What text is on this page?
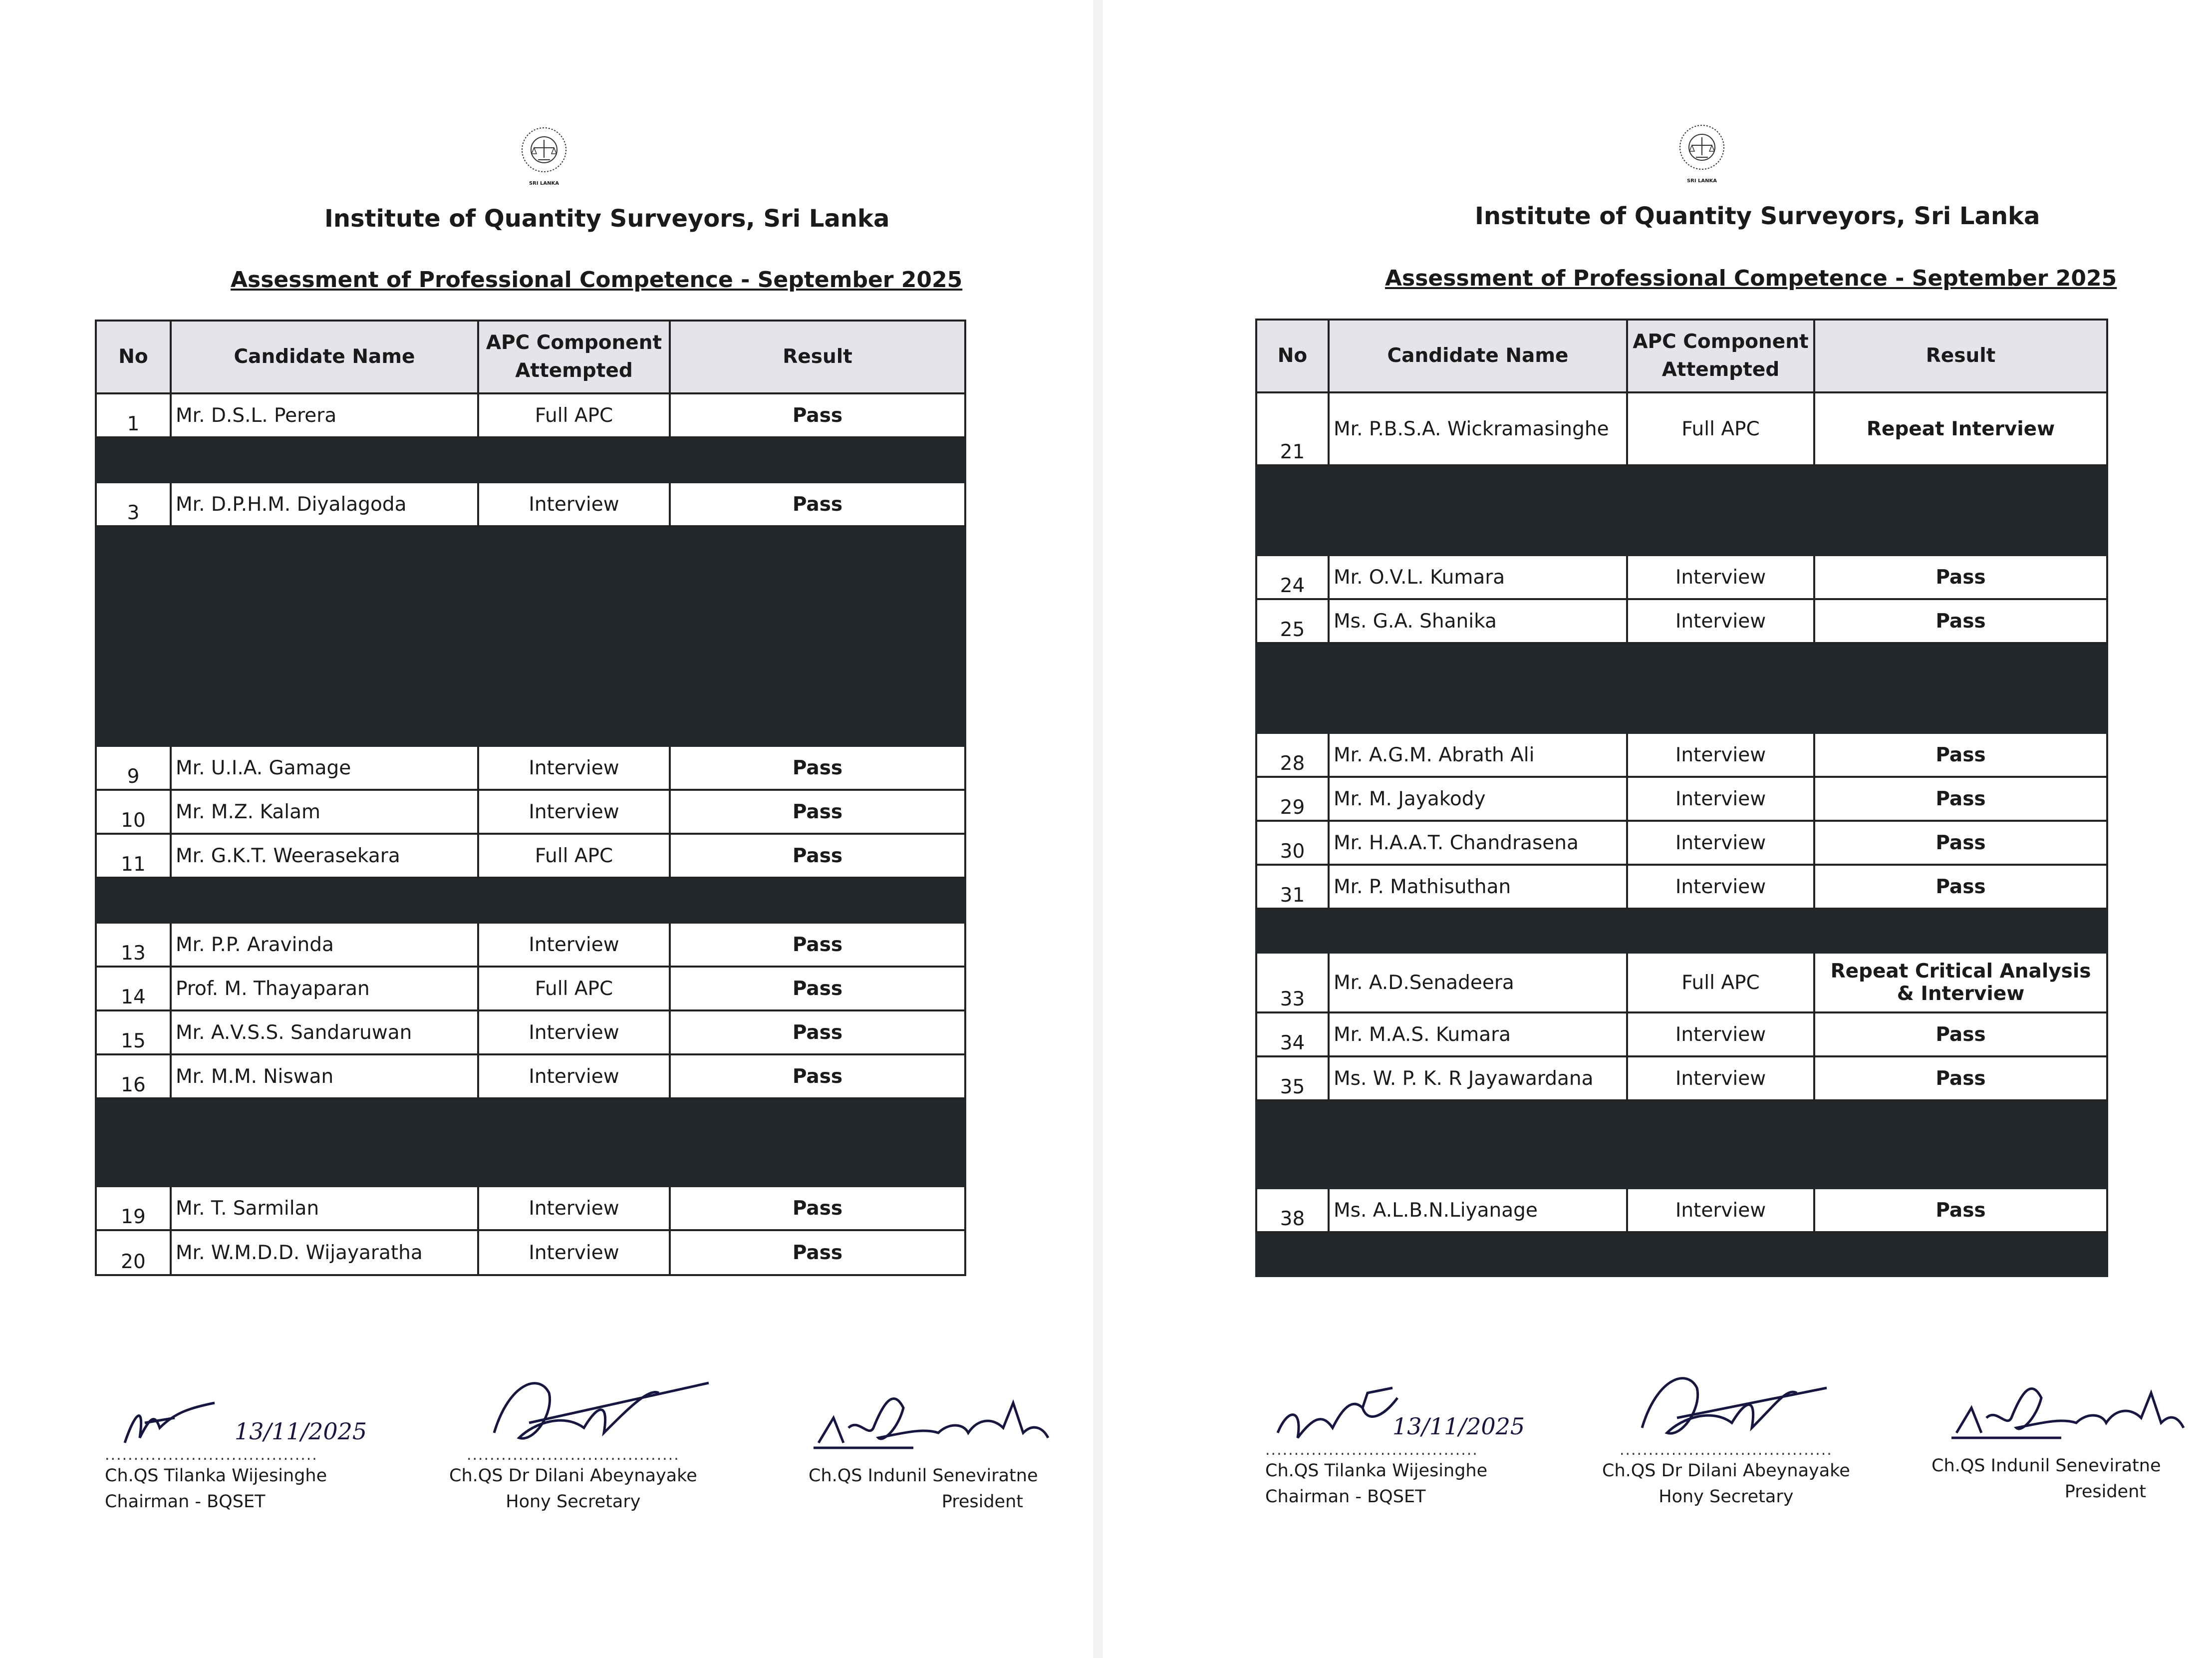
SRI LANKA
Institute of Quantity Surveyors, Sri Lanka
Assessment of Professional Competence - September 2025
No	Candidate Name	APC Component Attempted	Result
1	Mr. D.S.L. Perera	Full APC	Pass

3	Mr. D.P.H.M. Diyalagoda	Interview	Pass

9	Mr. U.I.A. Gamage	Interview	Pass
10	Mr. M.Z. Kalam	Interview	Pass
11	Mr. G.K.T. Weerasekara	Full APC	Pass

13	Mr. P.P. Aravinda	Interview	Pass
14	Prof. M. Thayaparan	Full APC	Pass
15	Mr. A.V.S.S. Sandaruwan	Interview	Pass
16	Mr. M.M. Niswan	Interview	Pass

19	Mr. T. Sarmilan	Interview	Pass
20	Mr. W.M.D.D. Wijayaratha	Interview	Pass
13/11/2025
.....................................
Ch.QS Tilanka Wijesinghe
Chairman - BQSET
.....................................
Ch.QS Dr Dilani Abeynayake
Hony Secretary
Ch.QS Indunil Seneviratne
President
SRI LANKA
Institute of Quantity Surveyors, Sri Lanka
Assessment of Professional Competence - September 2025
No	Candidate Name	APC Component Attempted	Result
21	Mr. P.B.S.A. Wickramasinghe	Full APC	Repeat Interview

24	Mr. O.V.L. Kumara	Interview	Pass
25	Ms. G.A. Shanika	Interview	Pass

28	Mr. A.G.M. Abrath Ali	Interview	Pass
29	Mr. M. Jayakody	Interview	Pass
30	Mr. H.A.A.T. Chandrasena	Interview	Pass
31	Mr. P. Mathisuthan	Interview	Pass

33	Mr. A.D.Senadeera	Full APC	Repeat Critical Analysis & Interview
34	Mr. M.A.S. Kumara	Interview	Pass
35	Ms. W. P. K. R Jayawardana	Interview	Pass

38	Ms. A.L.B.N.Liyanage	Interview	Pass

13/11/2025
.....................................
Ch.QS Tilanka Wijesinghe
Chairman - BQSET
.....................................
Ch.QS Dr Dilani Abeynayake
Hony Secretary
Ch.QS Indunil Seneviratne
President
